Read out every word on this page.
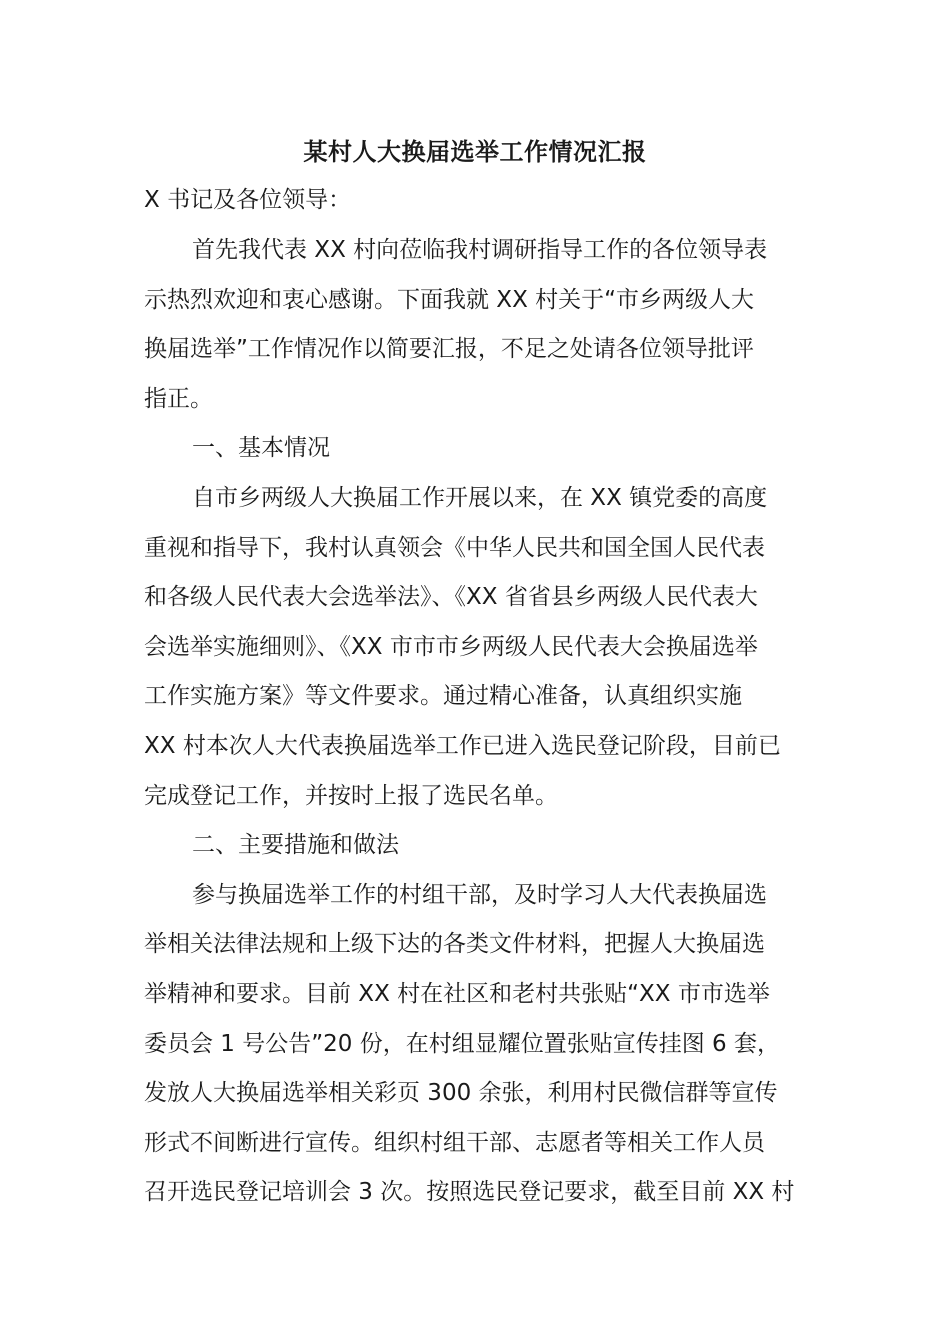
某村人大换届选举工作情况汇报
X 书记及各位领导：
首先我代表 XX 村向莅临我村调研指导工作的各位领导表
示热烈欢迎和衷心感谢。下面我就 XX 村关于“市乡两级人大
换届选举”工作情况作以简要汇报，不足之处请各位领导批评
指正。
一、基本情况
自市乡两级人大换届工作开展以来，在 XX 镇党委的高度
重视和指导下，我村认真领会《中华人民共和国全国人民代表
和各级人民代表大会选举法》、《XX 省省县乡两级人民代表大
会选举实施细则》、《XX 市市市乡两级人民代表大会换届选举
工作实施方案》等文件要求。通过精心准备，认真组织实施
XX 村本次人大代表换届选举工作已进入选民登记阶段，目前已
完成登记工作，并按时上报了选民名单。
二、主要措施和做法
参与换届选举工作的村组干部，及时学习人大代表换届选
举相关法律法规和上级下达的各类文件材料，把握人大换届选
举精神和要求。目前 XX 村在社区和老村共张贴“XX 市市选举
委员会 1 号公告”20 份，在村组显耀位置张贴宣传挂图 6 套，
发放人大换届选举相关彩页 300 余张，利用村民微信群等宣传
形式不间断进行宣传。组织村组干部、志愿者等相关工作人员
召开选民登记培训会 3 次。按照选民登记要求，截至目前 XX 村
